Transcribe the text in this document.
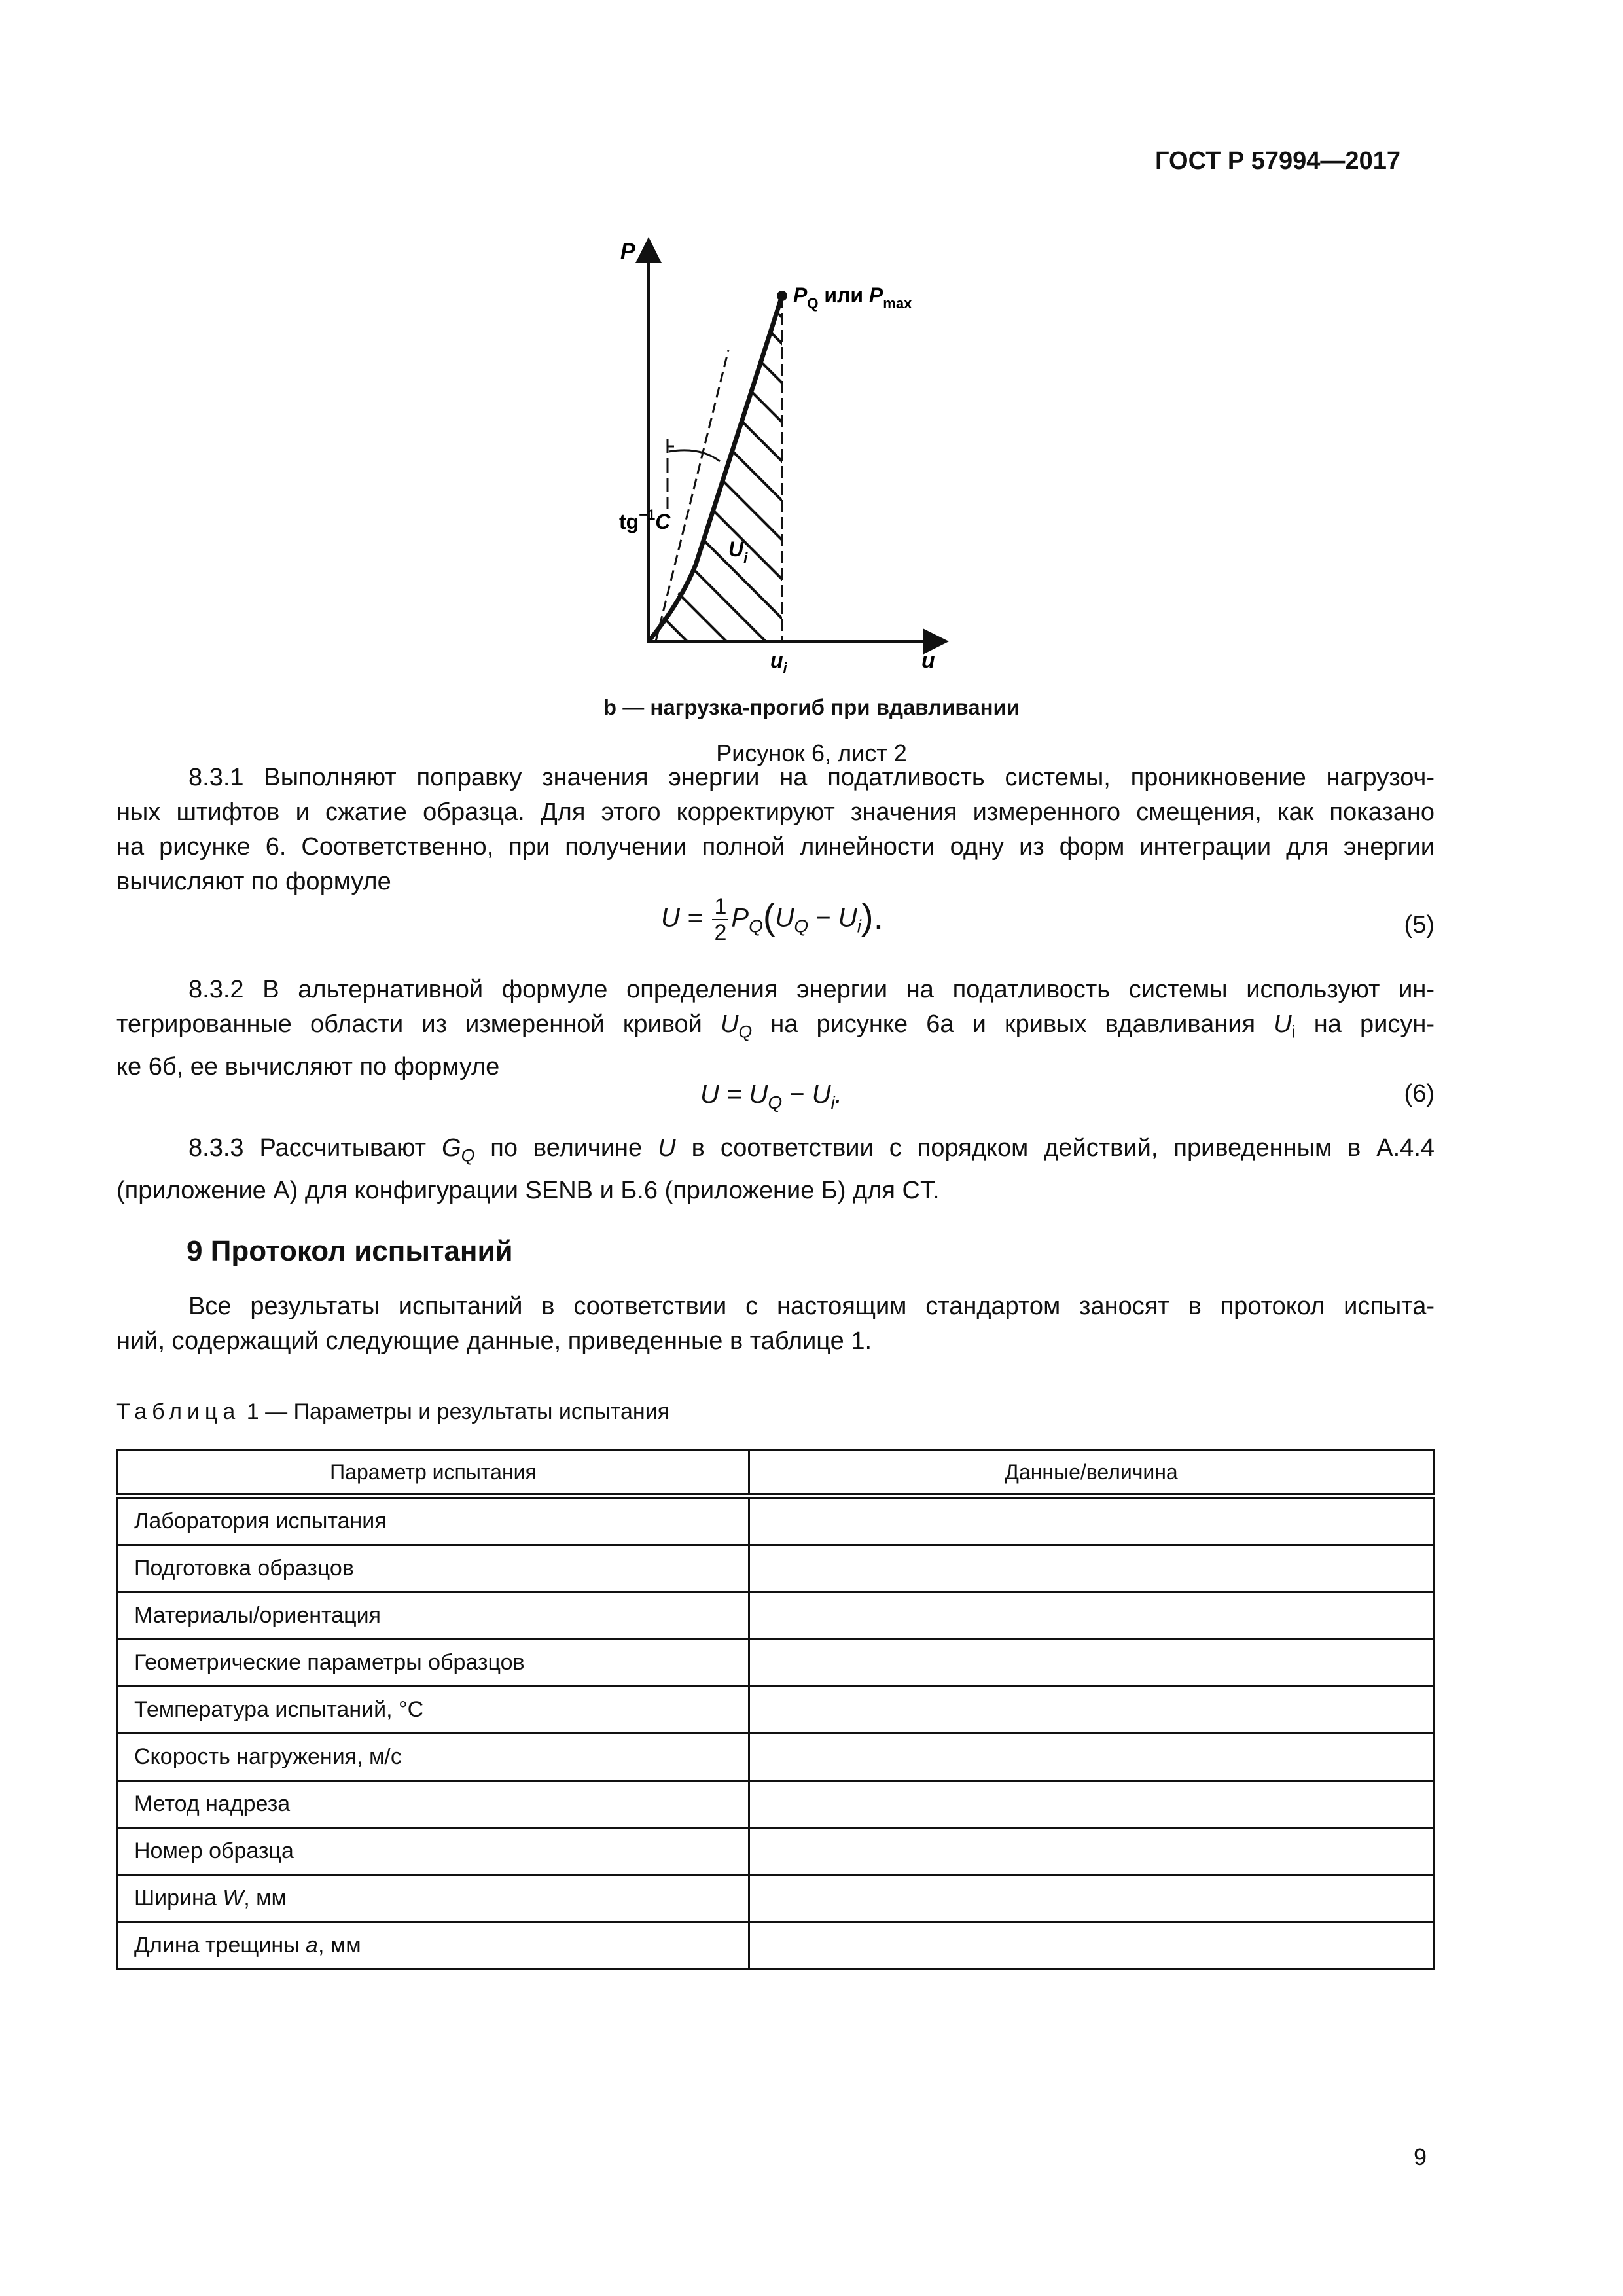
ГОСТ Р 57994—2017
P
u
$P_Q$ или $P_{max}$
$tg^{-1}C$
$U_i$
$u_i$
b — нагрузка-прогиб при вдавливании
Рисунок 6, лист 2
8.3.1 Выполняют поправку значения энергии на податливость системы, проникновение нагрузоч-
ных штифтов и сжатие образца. Для этого корректируют значения измеренного смещения, как показано
на рисунке 6. Соответственно, при получении полной линейности одну из форм интеграции для энергии
вычисляют по формуле
$U = \frac{1}{2} P_Q(U_Q - U_i)$.	(5)
8.3.2 В альтернативной формуле определения энергии на податливость системы используют ин-
тегрированные области из измеренной кривой $U_Q$ на рисунке 6а и кривых вдавливания $U_i$ на рисун-
ке 6б, ее вычисляют по формуле
$U = U_Q - U_i$.	(6)
8.3.3 Рассчитывают $G_Q$ по величине U в соответствии с порядком действий, приведенным в А.4.4
(приложение А) для конфигурации SENB и Б.6 (приложение Б) для CT.
9 Протокол испытаний
Все результаты испытаний в соответствии с настоящим стандартом заносят в протокол испыта-
ний, содержащий следующие данные, приведенные в таблице 1.
Таблица 1 — Параметры и результаты испытания
Параметр испытания	Данные/величина
Лаборатория испытания	
Подготовка образцов	
Материалы/ориентация	
Геометрические параметры образцов	
Температура испытаний, °С	
Скорость нагружения, м/с	
Метод надреза	
Номер образца	
Ширина W, мм	
Длина трещины a, мм	
9
